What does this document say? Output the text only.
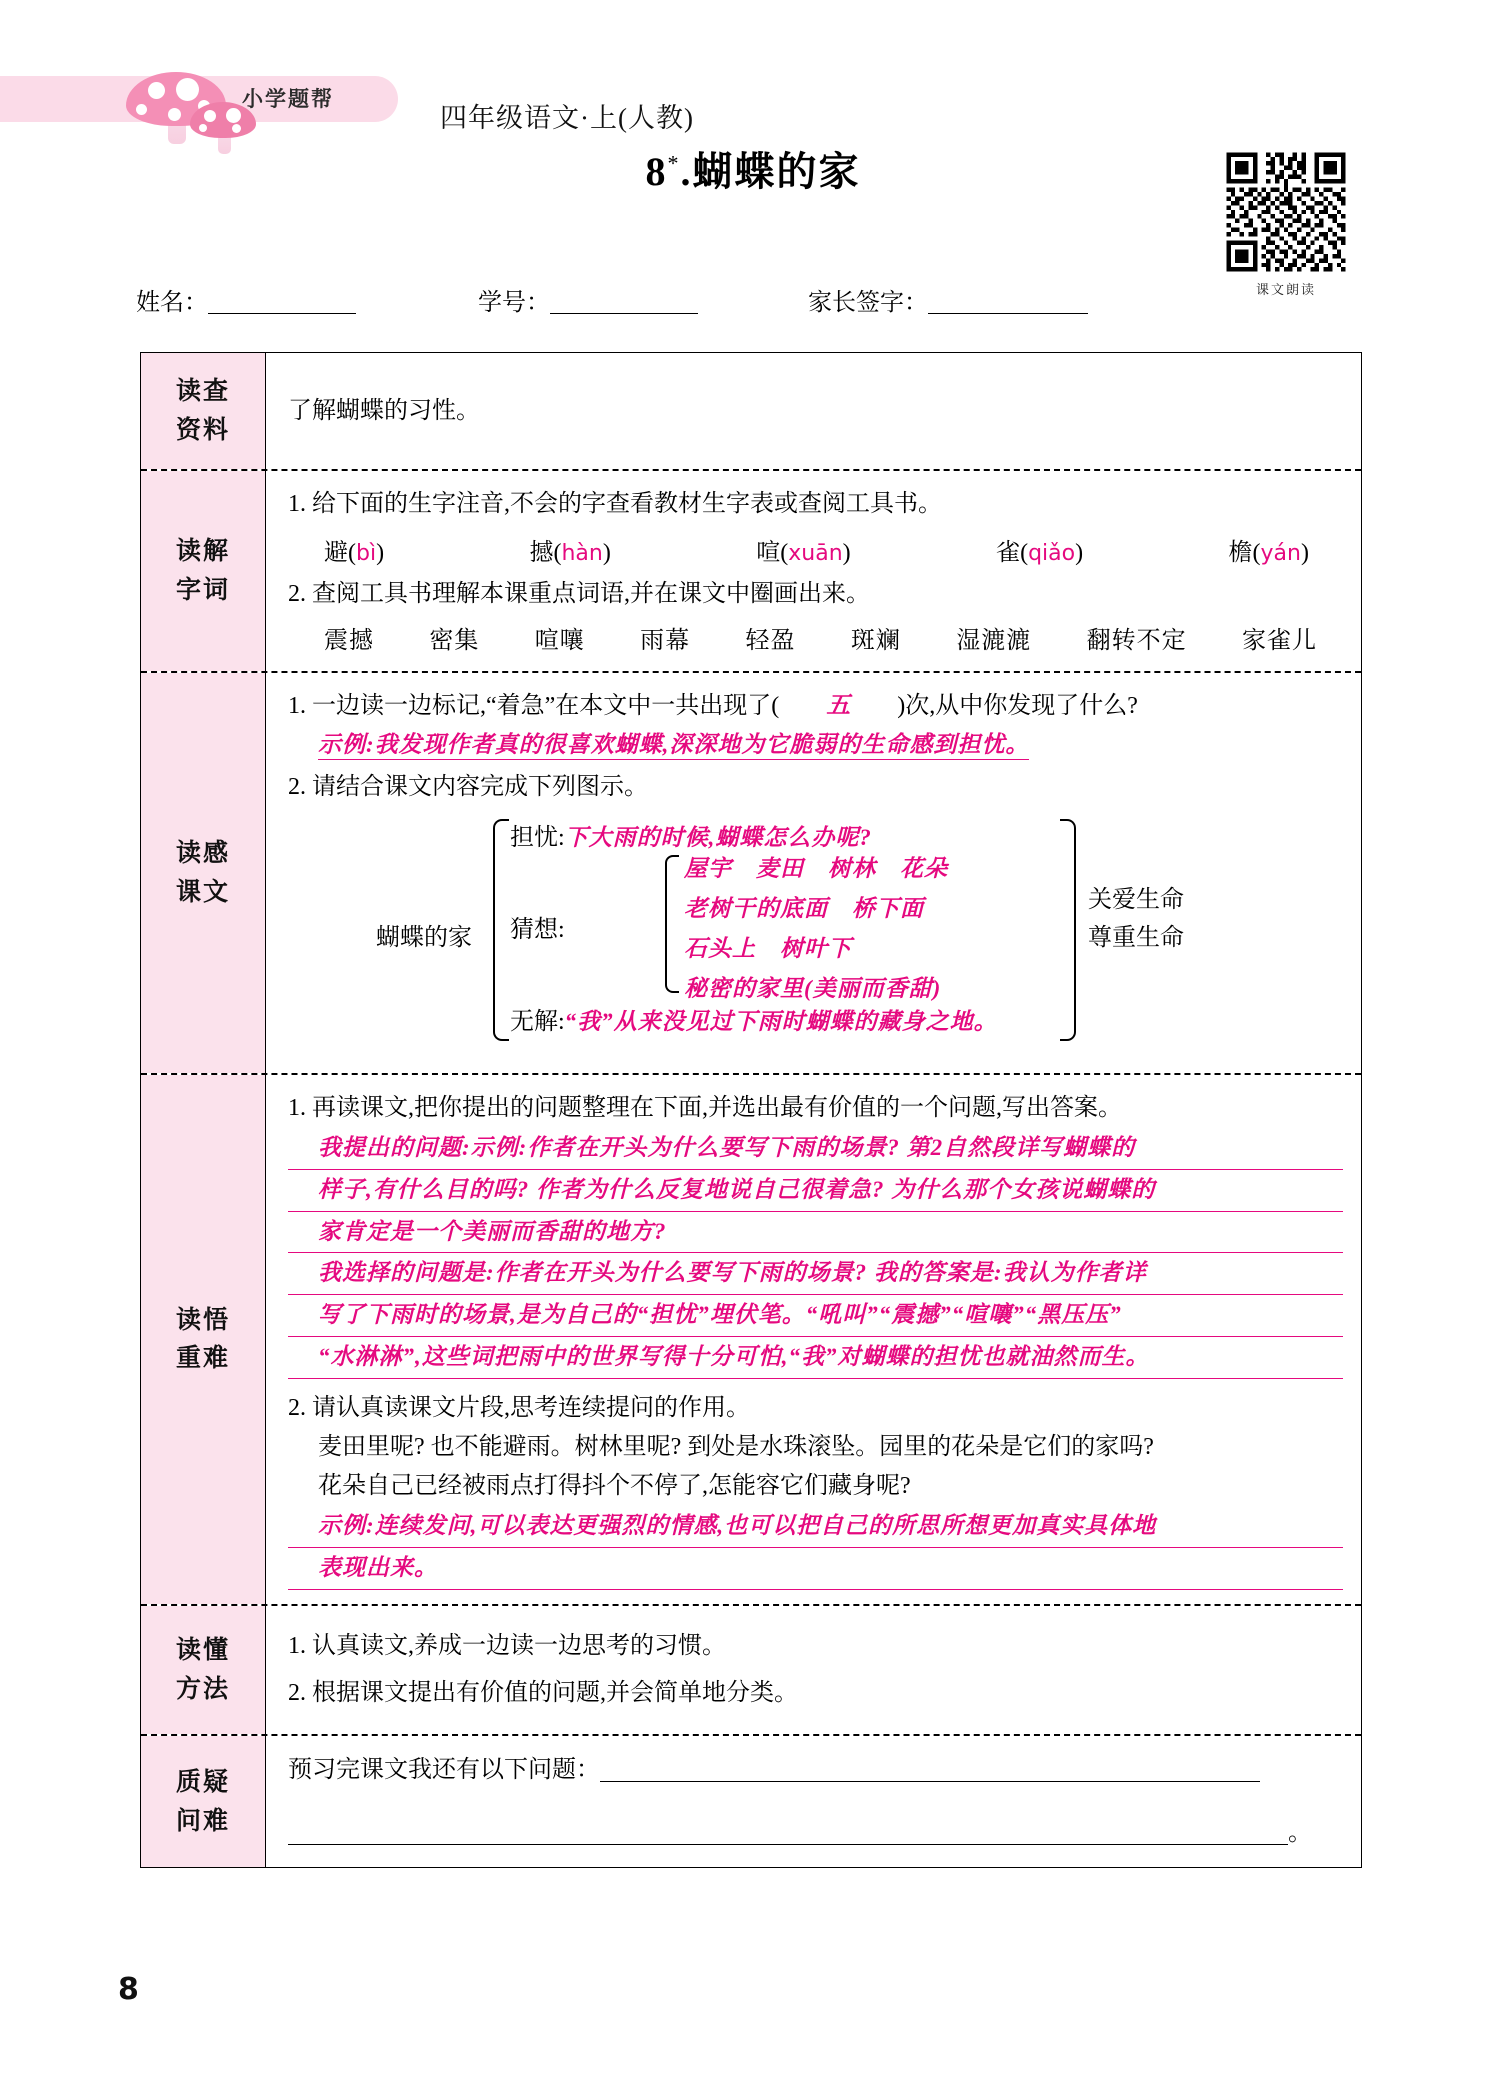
小学题帮
四年级语文·上(人教)
8*.蝴蝶的家
课文朗读
姓名：	学号：	家长签字：
读查
资料
了解蝴蝶的习性。
读解
字词
1. 给下面的生字注音,不会的字查看教材生字表或查阅工具书。
避(bì)	撼(hàn)	喧(xuān)	雀(qiǎo)	檐(yán)
2. 查阅工具书理解本课重点词语,并在课文中圈画出来。
震撼 密集 喧嚷 雨幕 轻盈 斑斓 湿漉漉 翻转不定 家雀儿
读感
课文
1. 一边读一边标记,“着急”在本文中一共出现了( 五 )次,从中你发现了什么?
示例:我发现作者真的很喜欢蝴蝶,深深地为它脆弱的生命感到担忧。
2. 请结合课文内容完成下列图示。
蝴蝶的家
担忧:下大雨的时候,蝴蝶怎么办呢?
猜想:
屋宇　麦田　树林　花朵
老树干的底面　桥下面
石头上　树叶下
秘密的家里(美丽而香甜)
无解:“我”从来没见过下雨时蝴蝶的藏身之地。
关爱生命
尊重生命
读悟
重难
1. 再读课文,把你提出的问题整理在下面,并选出最有价值的一个问题,写出答案。
我提出的问题:示例:作者在开头为什么要写下雨的场景? 第2自然段详写蝴蝶的
样子,有什么目的吗? 作者为什么反复地说自己很着急? 为什么那个女孩说蝴蝶的
家肯定是一个美丽而香甜的地方?
我选择的问题是:作者在开头为什么要写下雨的场景? 我的答案是:我认为作者详
写了下雨时的场景,是为自己的“担忧”埋伏笔。“吼叫”“震撼”“喧嚷”“黑压压”
“水淋淋”,这些词把雨中的世界写得十分可怕,“我”对蝴蝶的担忧也就油然而生。
2. 请认真读课文片段,思考连续提问的作用。
麦田里呢? 也不能避雨。树林里呢? 到处是水珠滚坠。园里的花朵是它们的家吗?
花朵自己已经被雨点打得抖个不停了,怎能容它们藏身呢?
示例:连续发问,可以表达更强烈的情感,也可以把自己的所思所想更加真实具体地
表现出来。
读懂
方法
1. 认真读文,养成一边读一边思考的习惯。
2. 根据课文提出有价值的问题,并会简单地分类。
质疑
问难
预习完课文我还有以下问题：
。
8
